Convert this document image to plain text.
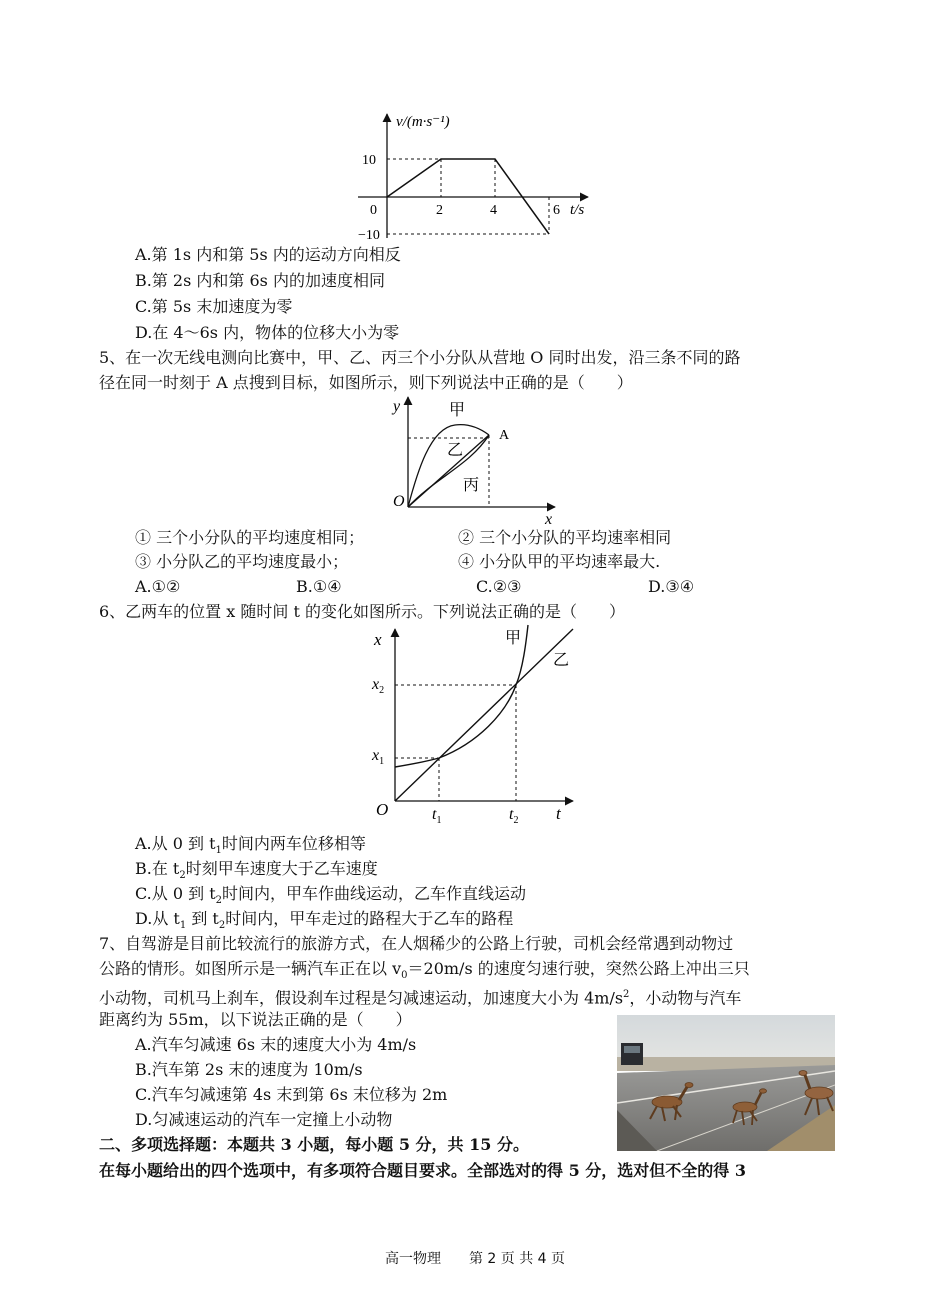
v/(m·s⁻¹)
10
0	2	4	6 t/s
−10
A.第 1s 内和第 5s 内的运动方向相反
B.第 2s 内和第 6s 内的加速度相同
C.第 5s 末加速度为零
D.在 4～6s 内，物体的位移大小为零
5、在一次无线电测向比赛中，甲、乙、丙三个小分队从营地 O 同时出发，沿三条不同的路
径在同一时刻于 A 点搜到目标，如图所示，则下列说法中正确的是（　　）
y	甲
A
乙
丙
O
x
① 三个小分队的平均速度相同；	② 三个小分队的平均速率相同
③ 小分队乙的平均速度最小；	④ 小分队甲的平均速率最大.
A.①②	B.①④	C.②③	D.③④
6、乙两车的位置 x 随时间 t 的变化如图所示。下列说法正确的是（　　）
x	甲
乙
$x_2$
$x_1$
O	$t_1$	$t_2$ t
A.从 0 到 $t_1$时间内两车位移相等
B.在 $t_2$时刻甲车速度大于乙车速度
C.从 0 到 $t_2$时间内，甲车作曲线运动，乙车作直线运动
D.从 $t_1$ 到 $t_2$时间内，甲车走过的路程大于乙车的路程
7、自驾游是目前比较流行的旅游方式，在人烟稀少的公路上行驶，司机会经常遇到动物过
公路的情形。如图所示是一辆汽车正在以 $v_0=20m/s$ 的速度匀速行驶，突然公路上冲出三只
小动物，司机马上刹车，假设刹车过程是匀减速运动，加速度大小为 $4m/s^2$，小动物与汽车
距离约为 55m，以下说法正确的是（　　）
A.汽车匀减速 6s 末的速度大小为 4m/s
B.汽车第 2s 末的速度为 10m/s
C.汽车匀减速第 4s 末到第 6s 末位移为 2m
D.匀减速运动的汽车一定撞上小动物
二、多项选择题：本题共 3 小题，每小题 5 分，共 15 分。
在每小题给出的四个选项中，有多项符合题目要求。全部选对的得 5 分，选对但不全的得 3
高一物理　　第 2 页 共 4 页
